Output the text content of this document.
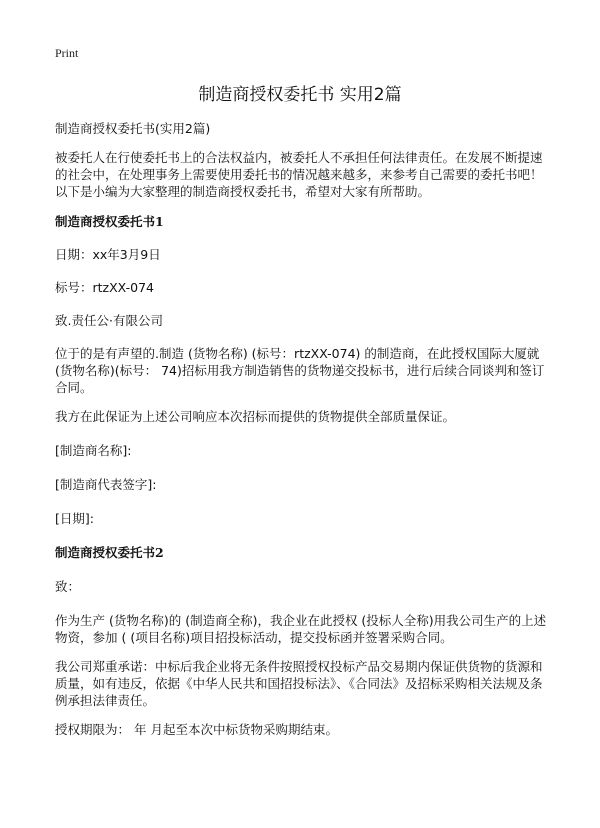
Print
制造商授权委托书 实用2篇

制造商授权委托书(实用2篇)

被委托人在行使委托书上的合法权益内，被委托人不承担任何法律责任。在发展不断提速的社会中，在处理事务上需要使用委托书的情况越来越多，来参考自己需要的委托书吧！以下是小编为大家整理的制造商授权委托书，希望对大家有所帮助。

制造商授权委托书1

日期：xx年3月9日

标号：rtzXX-074

致.责任公·有限公司

位于的是有声望的.制造 (货物名称) (标号：rtzXX-074) 的制造商，在此授权国际大厦就 (货物名称)(标号： 74)招标用我方制造销售的货物递交投标书，进行后续合同谈判和签订合同。

我方在此保证为上述公司响应本次招标而提供的货物提供全部质量保证。

[制造商名称]:

[制造商代表签字]:

[日期]:

制造商授权委托书2

致：

作为生产 (货物名称)的 (制造商全称)，我企业在此授权 (投标人全称)用我公司生产的上述物资，参加 ( (项目名称)项目招投标活动，提交投标函并签署采购合同。

我公司郑重承诺：中标后我企业将无条件按照授权投标产品交易期内保证供货物的货源和质量，如有违反，依据《中华人民共和国招投标法》、《合同法》及招标采购相关法规及条例承担法律责任。

授权期限为： 年 月起至本次中标货物采购期结束。
